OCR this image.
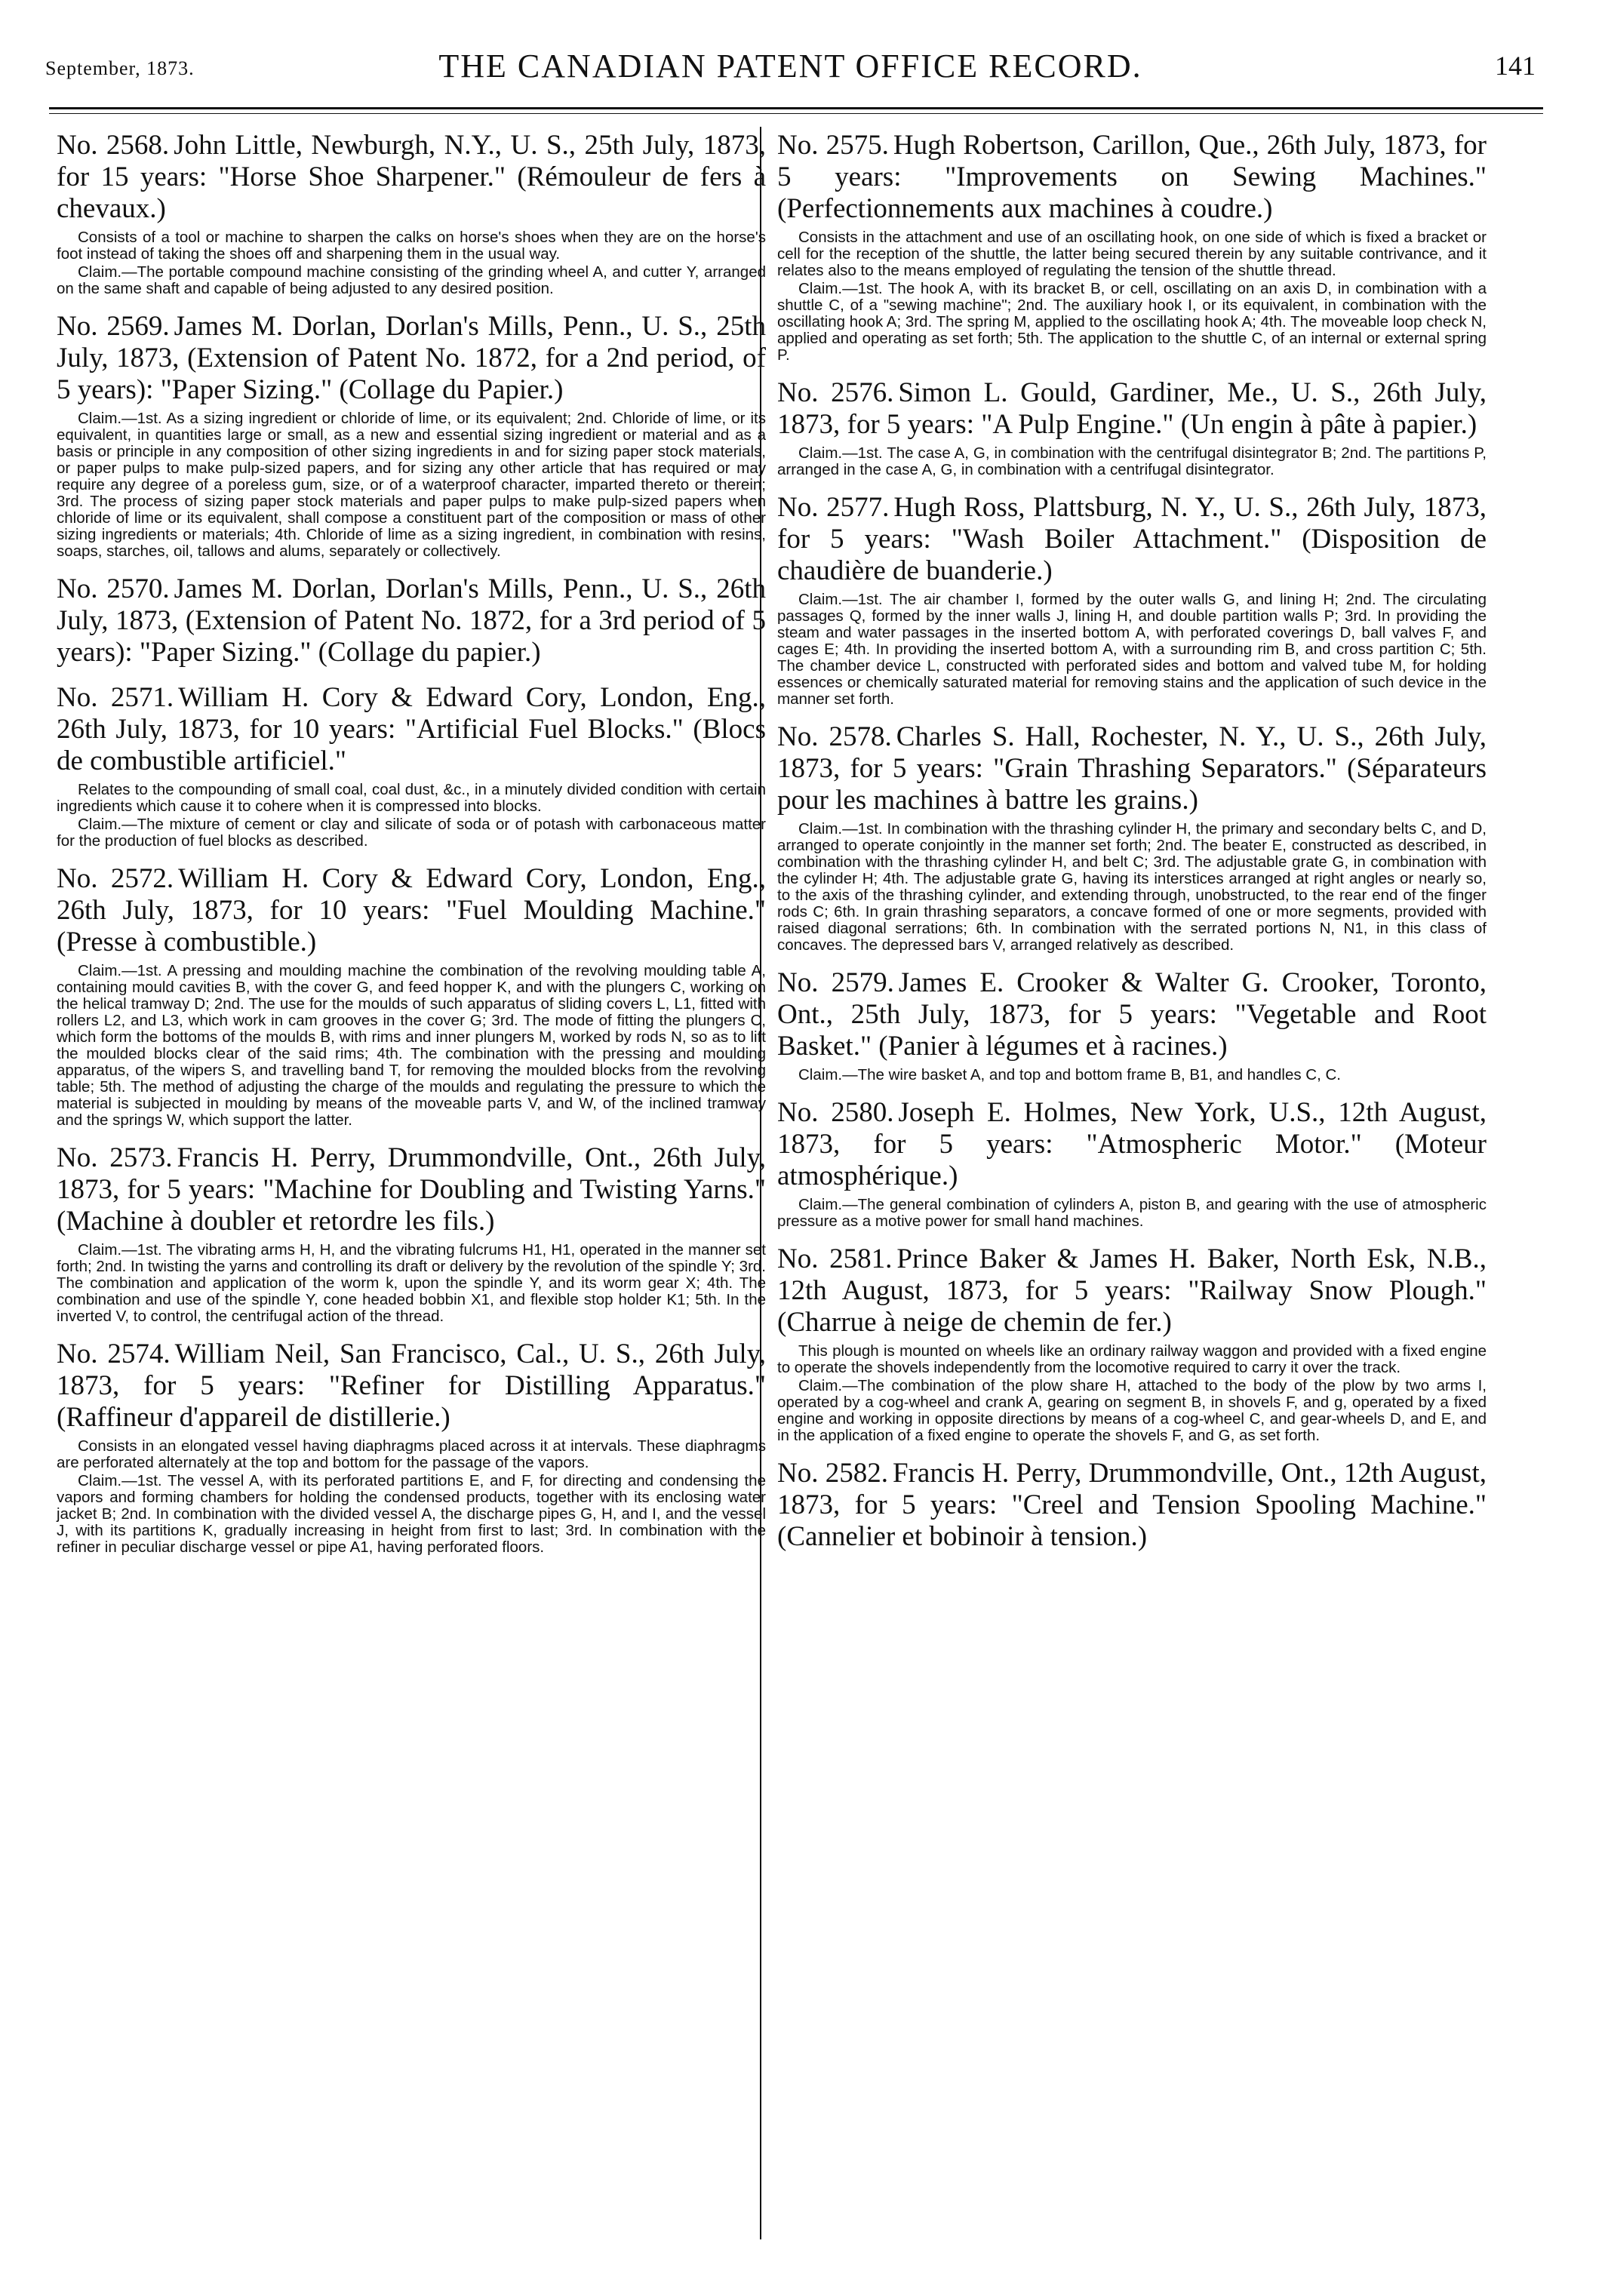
September, 1873.	THE CANADIAN PATENT OFFICE RECORD.	141

No. 2568. John Little, Newburgh, N.Y., U. S., 25th July, 1873, for 15 years: "Horse Shoe Sharpener." (Rémouleur de fers à chevaux.)

Consists of a tool or machine to sharpen the calks on horse's shoes when they are on the horse's foot instead of taking the shoes off and sharpening them in the usual way.

Claim.—The portable compound machine consisting of the grinding wheel A, and cutter Y, arranged on the same shaft and capable of being adjusted to any desired position.

No. 2569. James M. Dorlan, Dorlan's Mills, Penn., U. S., 25th July, 1873, (Extension of Patent No. 1872, for a 2nd period, of 5 years): "Paper Sizing." (Collage du Papier.)

Claim.—1st. As a sizing ingredient or chloride of lime, or its equivalent; 2nd. Chloride of lime, or its equivalent, in quantities large or small, as a new and essential sizing ingredient or material and as a basis or principle in any composition of other sizing ingredients in and for sizing paper stock materials, or paper pulps to make pulp-sized papers, and for sizing any other article that has required or may require any degree of a poreless gum, size, or of a waterproof character, imparted thereto or therein; 3rd. The process of sizing paper stock materials and paper pulps to make pulp-sized papers when chloride of lime or its equivalent, shall compose a constituent part of the composition or mass of other sizing ingredients or materials; 4th. Chloride of lime as a sizing ingredient, in combination with resins, soaps, starches, oil, tallows and alums, separately or collectively.

No. 2570. James M. Dorlan, Dorlan's Mills, Penn., U. S., 26th July, 1873, (Extension of Patent No. 1872, for a 3rd period of 5 years): "Paper Sizing." (Collage du papier.)

No. 2571. William H. Cory & Edward Cory, London, Eng., 26th July, 1873, for 10 years: "Artificial Fuel Blocks." (Blocs de combustible artificiel."

Relates to the compounding of small coal, coal dust, &c., in a minutely divided condition with certain ingredients which cause it to cohere when it is compressed into blocks.

Claim.—The mixture of cement or clay and silicate of soda or of potash with carbonaceous matter for the production of fuel blocks as described.

No. 2572. William H. Cory & Edward Cory, London, Eng., 26th July, 1873, for 10 years: "Fuel Moulding Machine." (Presse à combustible.)

Claim.—1st. A pressing and moulding machine the combination of the revolving moulding table A, containing mould cavities B, with the cover G, and feed hopper K, and with the plungers C, working on the helical tramway D; 2nd. The use for the moulds of such apparatus of sliding covers L, L1, fitted with rollers L2, and L3, which work in cam grooves in the cover G; 3rd. The mode of fitting the plungers C, which form the bottoms of the moulds B, with rims and inner plungers M, worked by rods N, so as to lift the moulded blocks clear of the said rims; 4th. The combination with the pressing and moulding apparatus, of the wipers S, and travelling band T, for removing the moulded blocks from the revolving table; 5th. The method of adjusting the charge of the moulds and regulating the pressure to which the material is subjected in moulding by means of the moveable parts V, and W, of the inclined tramway and the springs W, which support the latter.

No. 2573. Francis H. Perry, Drummondville, Ont., 26th July, 1873, for 5 years: "Machine for Doubling and Twisting Yarns." (Machine à doubler et retordre les fils.)

Claim.—1st. The vibrating arms H, H, and the vibrating fulcrums H1, H1, operated in the manner set forth; 2nd. In twisting the yarns and controlling its draft or delivery by the revolution of the spindle Y; 3rd. The combination and application of the worm k, upon the spindle Y, and its worm gear X; 4th. The combination and use of the spindle Y, cone headed bobbin X1, and flexible stop holder K1; 5th. In the inverted V, to control, the centrifugal action of the thread.

No. 2574. William Neil, San Francisco, Cal., U. S., 26th July, 1873, for 5 years: "Refiner for Distilling Apparatus." (Raffineur d'appareil de distillerie.)

Consists in an elongated vessel having diaphragms placed across it at intervals. These diaphragms are perforated alternately at the top and bottom for the passage of the vapors.

Claim.—1st. The vessel A, with its perforated partitions E, and F, for directing and condensing the vapors and forming chambers for holding the condensed products, together with its enclosing water jacket B; 2nd. In combination with the divided vessel A, the discharge pipes G, H, and I, and the vessel J, with its partitions K, gradually increasing in height from first to last; 3rd. In combination with the refiner in peculiar discharge vessel or pipe A1, having perforated floors.

No. 2575. Hugh Robertson, Carillon, Que., 26th July, 1873, for 5 years: "Improvements on Sewing Machines." (Perfectionnements aux machines à coudre.)

Consists in the attachment and use of an oscillating hook, on one side of which is fixed a bracket or cell for the reception of the shuttle, the latter being secured therein by any suitable contrivance, and it relates also to the means employed of regulating the tension of the shuttle thread.

Claim.—1st. The hook A, with its bracket B, or cell, oscillating on an axis D, in combination with a shuttle C, of a "sewing machine"; 2nd. The auxiliary hook I, or its equivalent, in combination with the oscillating hook A; 3rd. The spring M, applied to the oscillating hook A; 4th. The moveable loop check N, applied and operating as set forth; 5th. The application to the shuttle C, of an internal or external spring P.

No. 2576. Simon L. Gould, Gardiner, Me., U. S., 26th July, 1873, for 5 years: "A Pulp Engine." (Un engin à pâte à papier.)

Claim.—1st. The case A, G, in combination with the centrifugal disintegrator B; 2nd. The partitions P, arranged in the case A, G, in combination with a centrifugal disintegrator.

No. 2577. Hugh Ross, Plattsburg, N. Y., U. S., 26th July, 1873, for 5 years: "Wash Boiler Attachment." (Disposition de chaudière de buanderie.)

Claim.—1st. The air chamber I, formed by the outer walls G, and lining H; 2nd. The circulating passages Q, formed by the inner walls J, lining H, and double partition walls P; 3rd. In providing the steam and water passages in the inserted bottom A, with perforated coverings D, ball valves F, and cages E; 4th. In providing the inserted bottom A, with a surrounding rim B, and cross partition C; 5th. The chamber device L, constructed with perforated sides and bottom and valved tube M, for holding essences or chemically saturated material for removing stains and the application of such device in the manner set forth.

No. 2578. Charles S. Hall, Rochester, N. Y., U. S., 26th July, 1873, for 5 years: "Grain Thrashing Separators." (Séparateurs pour les machines à battre les grains.)

Claim.—1st. In combination with the thrashing cylinder H, the primary and secondary belts C, and D, arranged to operate conjointly in the manner set forth; 2nd. The beater E, constructed as described, in combination with the thrashing cylinder H, and belt C; 3rd. The adjustable grate G, in combination with the cylinder H; 4th. The adjustable grate G, having its interstices arranged at right angles or nearly so, to the axis of the thrashing cylinder, and extending through, unobstructed, to the rear end of the finger rods C; 6th. In grain thrashing separators, a concave formed of one or more segments, provided with raised diagonal serrations; 6th. In combination with the serrated portions N, N1, in this class of concaves. The depressed bars V, arranged relatively as described.

No. 2579. James E. Crooker & Walter G. Crooker, Toronto, Ont., 25th July, 1873, for 5 years: "Vegetable and Root Basket." (Panier à légumes et à racines.)

Claim.—The wire basket A, and top and bottom frame B, B1, and handles C, C.

No. 2580. Joseph E. Holmes, New York, U.S., 12th August, 1873, for 5 years: "Atmospheric Motor." (Moteur atmosphérique.)

Claim.—The general combination of cylinders A, piston B, and gearing with the use of atmospheric pressure as a motive power for small hand machines.

No. 2581. Prince Baker & James H. Baker, North Esk, N.B., 12th August, 1873, for 5 years: "Railway Snow Plough." (Charrue à neige de chemin de fer.)

This plough is mounted on wheels like an ordinary railway waggon and provided with a fixed engine to operate the shovels independently from the locomotive required to carry it over the track.

Claim.—The combination of the plow share H, attached to the body of the plow by two arms I, operated by a cog-wheel and crank A, gearing on segment B, in shovels F, and g, operated by a fixed engine and working in opposite directions by means of a cog-wheel C, and gear-wheels D, and E, and in the application of a fixed engine to operate the shovels F, and G, as set forth.

No. 2582. Francis H. Perry, Drummondville, Ont., 12th August, 1873, for 5 years: "Creel and Tension Spooling Machine." (Cannelier et bobinoir à tension.)
